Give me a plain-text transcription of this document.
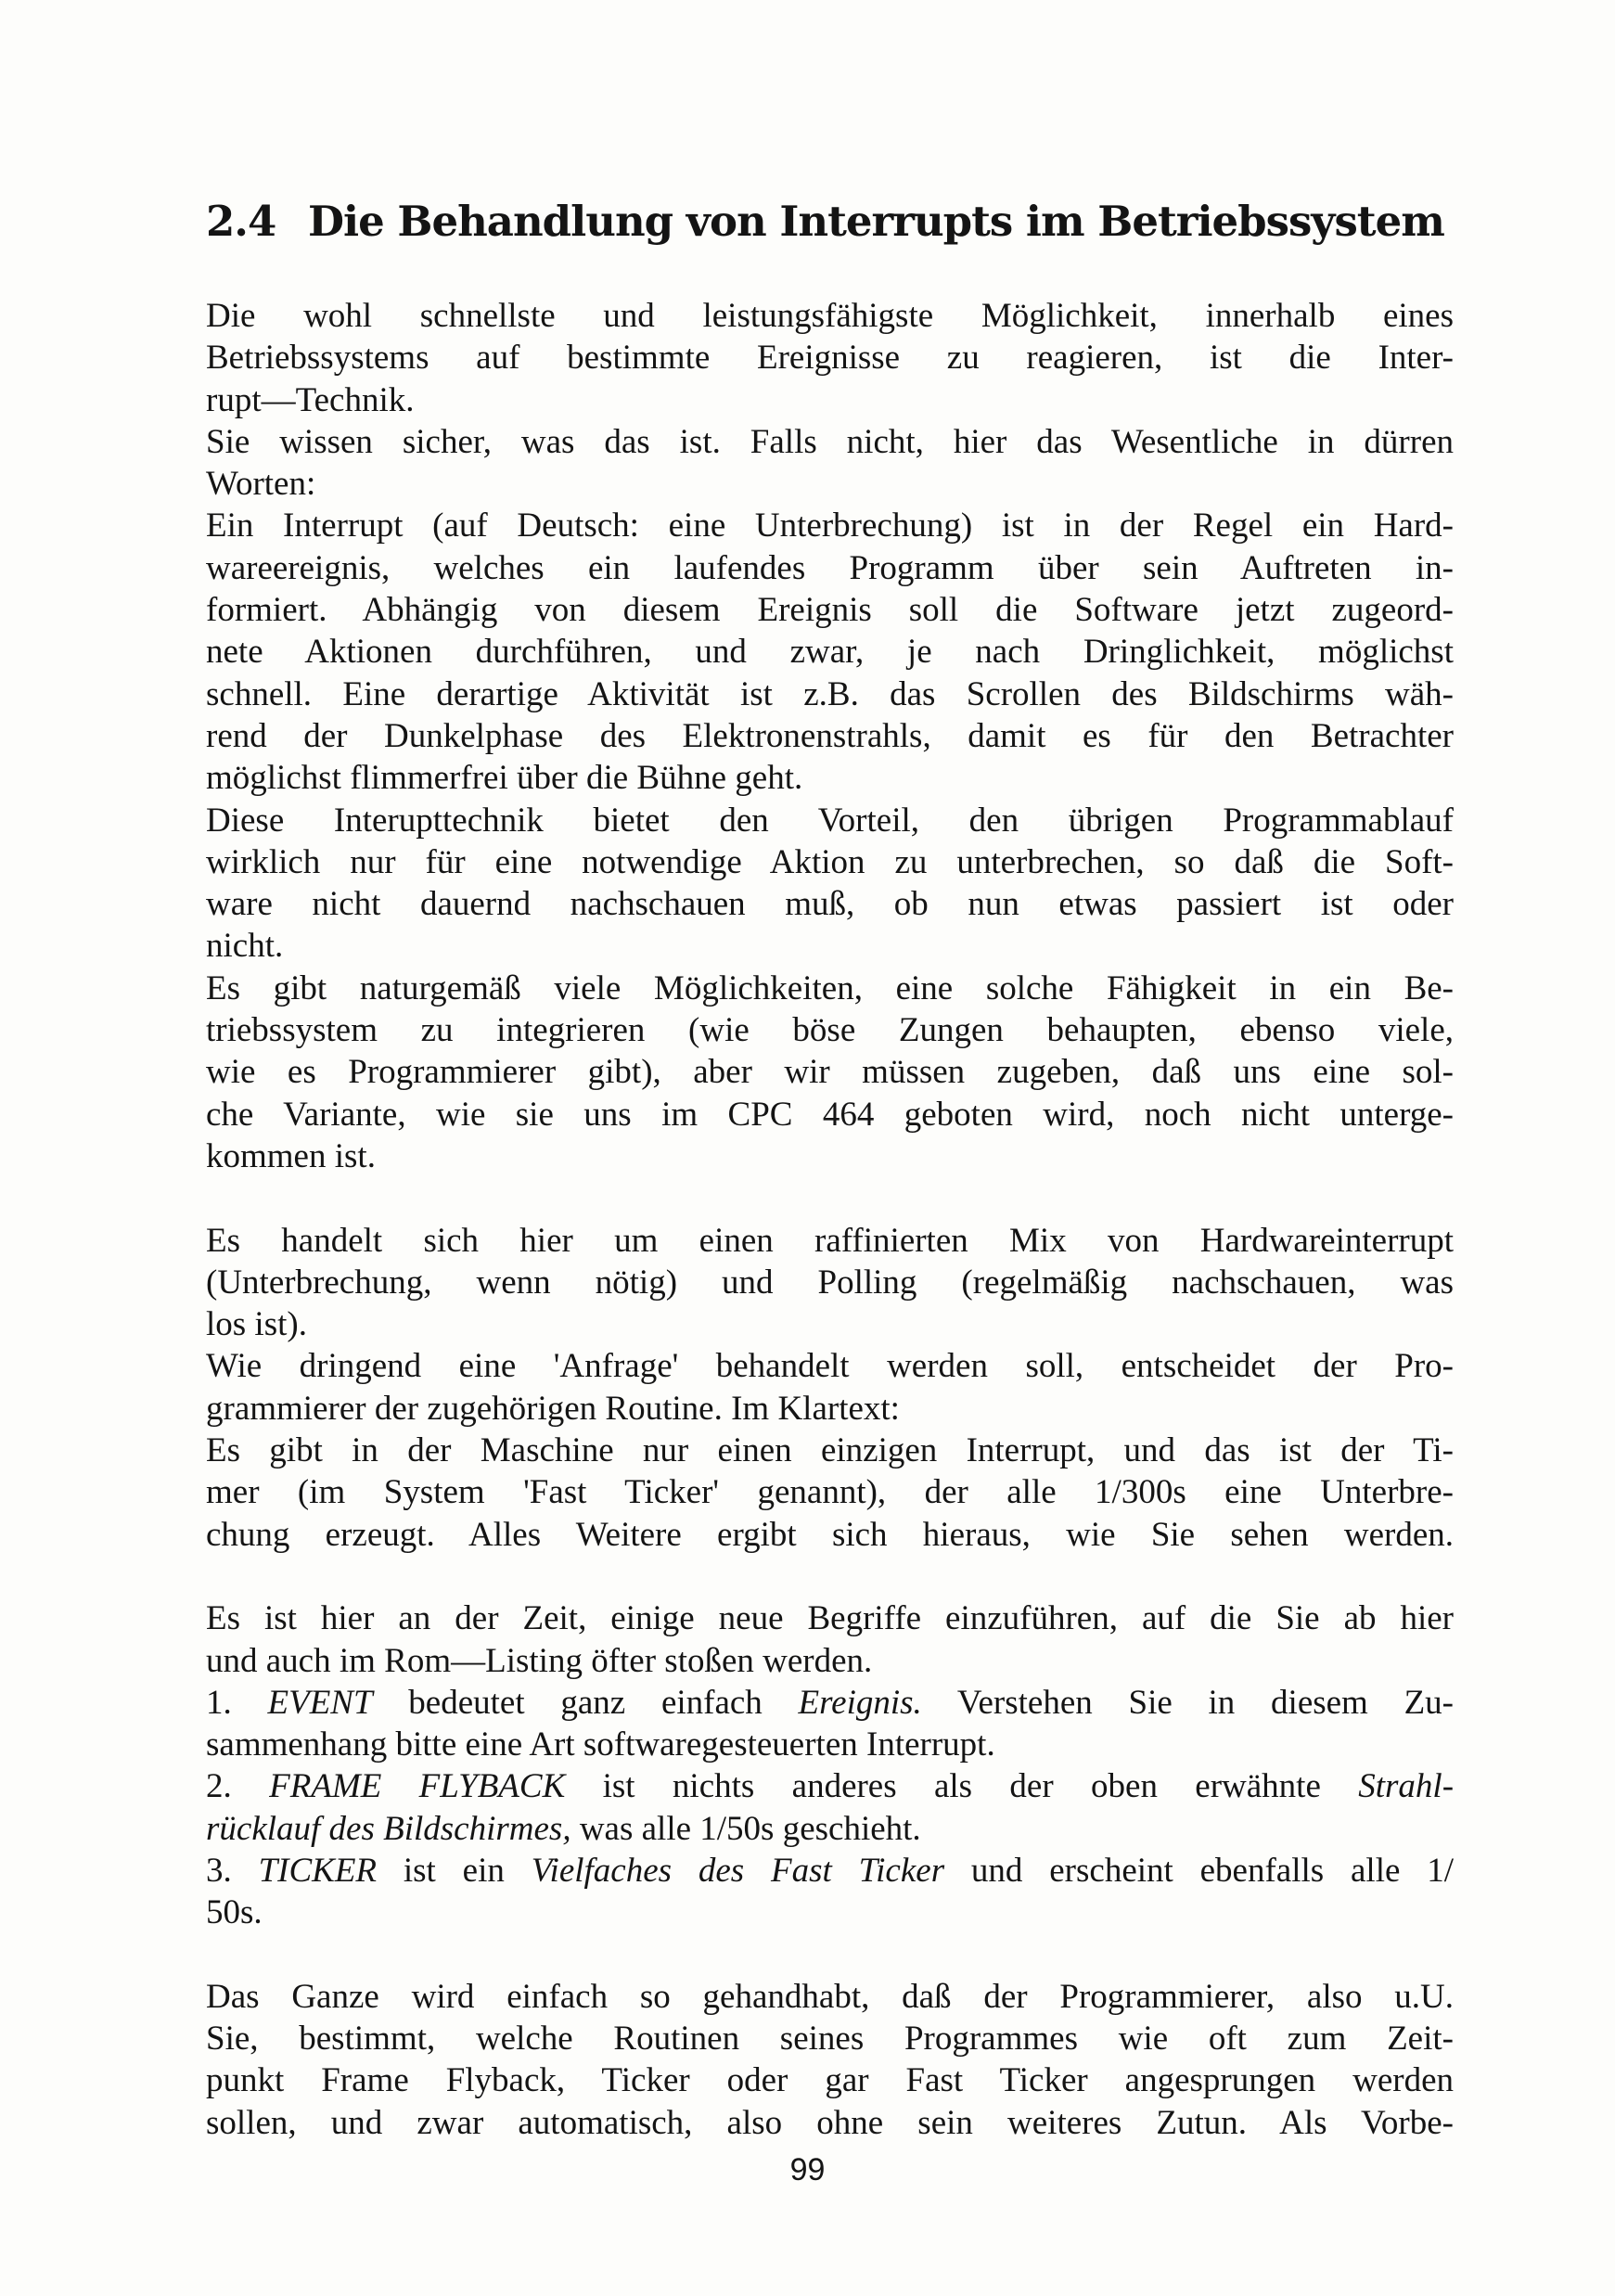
2.4 Die Behandlung von Interrupts im Betriebssystem
Die wohl schnellste und leistungsfähigste Möglichkeit, innerhalb eines
Betriebssystems auf bestimmte Ereignisse zu reagieren, ist die Inter-
rupt—Technik.
Sie wissen sicher, was das ist. Falls nicht, hier das Wesentliche in dürren
Worten:
Ein Interrupt (auf Deutsch: eine Unterbrechung) ist in der Regel ein Hard-
wareereignis, welches ein laufendes Programm über sein Auftreten in-
formiert. Abhängig von diesem Ereignis soll die Software jetzt zugeord-
nete Aktionen durchführen, und zwar, je nach Dringlichkeit, möglichst
schnell. Eine derartige Aktivität ist z.B. das Scrollen des Bildschirms wäh-
rend der Dunkelphase des Elektronenstrahls, damit es für den Betrachter
möglichst flimmerfrei über die Bühne geht.
Diese Interupttechnik bietet den Vorteil, den übrigen Programmablauf
wirklich nur für eine notwendige Aktion zu unterbrechen, so daß die Soft-
ware nicht dauernd nachschauen muß, ob nun etwas passiert ist oder
nicht.
Es gibt naturgemäß viele Möglichkeiten, eine solche Fähigkeit in ein Be-
triebssystem zu integrieren (wie böse Zungen behaupten, ebenso viele,
wie es Programmierer gibt), aber wir müssen zugeben, daß uns eine sol-
che Variante, wie sie uns im CPC 464 geboten wird, noch nicht unterge-
kommen ist.
Es handelt sich hier um einen raffinierten Mix von Hardwareinterrupt
(Unterbrechung, wenn nötig) und Polling (regelmäßig nachschauen, was
los ist).
Wie dringend eine 'Anfrage' behandelt werden soll, entscheidet der Pro-
grammierer der zugehörigen Routine. Im Klartext:
Es gibt in der Maschine nur einen einzigen Interrupt, und das ist der Ti-
mer (im System 'Fast Ticker' genannt), der alle 1/300s eine Unterbre-
chung erzeugt. Alles Weitere ergibt sich hieraus, wie Sie sehen werden.
Es ist hier an der Zeit, einige neue Begriffe einzuführen, auf die Sie ab hier
und auch im Rom—Listing öfter stoßen werden.
1. EVENT bedeutet ganz einfach Ereignis. Verstehen Sie in diesem Zu-
sammenhang bitte eine Art softwaregesteuerten Interrupt.
2. FRAME FLYBACK ist nichts anderes als der oben erwähnte Strahl-
rücklauf des Bildschirmes, was alle 1/50s geschieht.
3. TICKER ist ein Vielfaches des Fast Ticker und erscheint ebenfalls alle 1/
50s.
Das Ganze wird einfach so gehandhabt, daß der Programmierer, also u.U.
Sie, bestimmt, welche Routinen seines Programmes wie oft zum Zeit-
punkt Frame Flyback, Ticker oder gar Fast Ticker angesprungen werden
sollen, und zwar automatisch, also ohne sein weiteres Zutun. Als Vorbe-
99
